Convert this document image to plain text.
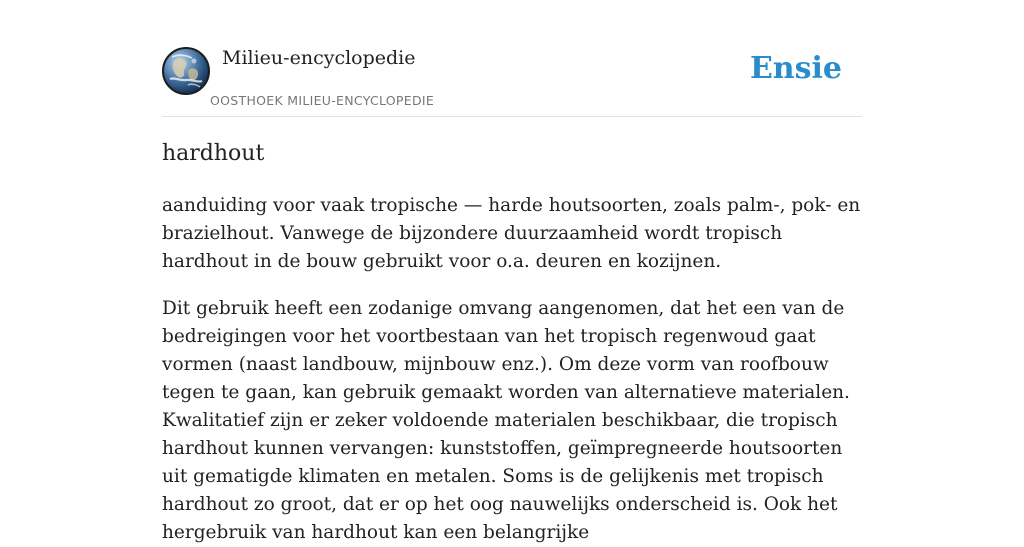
Milieu-encyclopedie
OOSTHOEK MILIEU-ENCYCLOPEDIE
Ensie
hardhout

aanduiding voor vaak tropische — harde houtsoorten, zoals palm-, pok- en brazielhout. Vanwege de bijzondere duurzaamheid wordt tropisch hardhout in de bouw gebruikt voor o.a. deuren en kozijnen.

Dit gebruik heeft een zodanige omvang aangenomen, dat het een van de bedreigingen voor het voortbestaan van het tropisch regenwoud gaat vormen (naast landbouw, mijnbouw enz.). Om deze vorm van roofbouw tegen te gaan, kan gebruik gemaakt worden van alternatieve materialen. Kwalitatief zijn er zeker voldoende materialen beschikbaar, die tropisch hardhout kunnen vervangen: kunststoffen, geïmpregneerde houtsoorten uit gematigde klimaten en metalen. Soms is de gelijkenis met tropisch hardhout zo groot, dat er op het oog nauwelijks onderscheid is. Ook het hergebruik van hardhout kan een belangrijke
